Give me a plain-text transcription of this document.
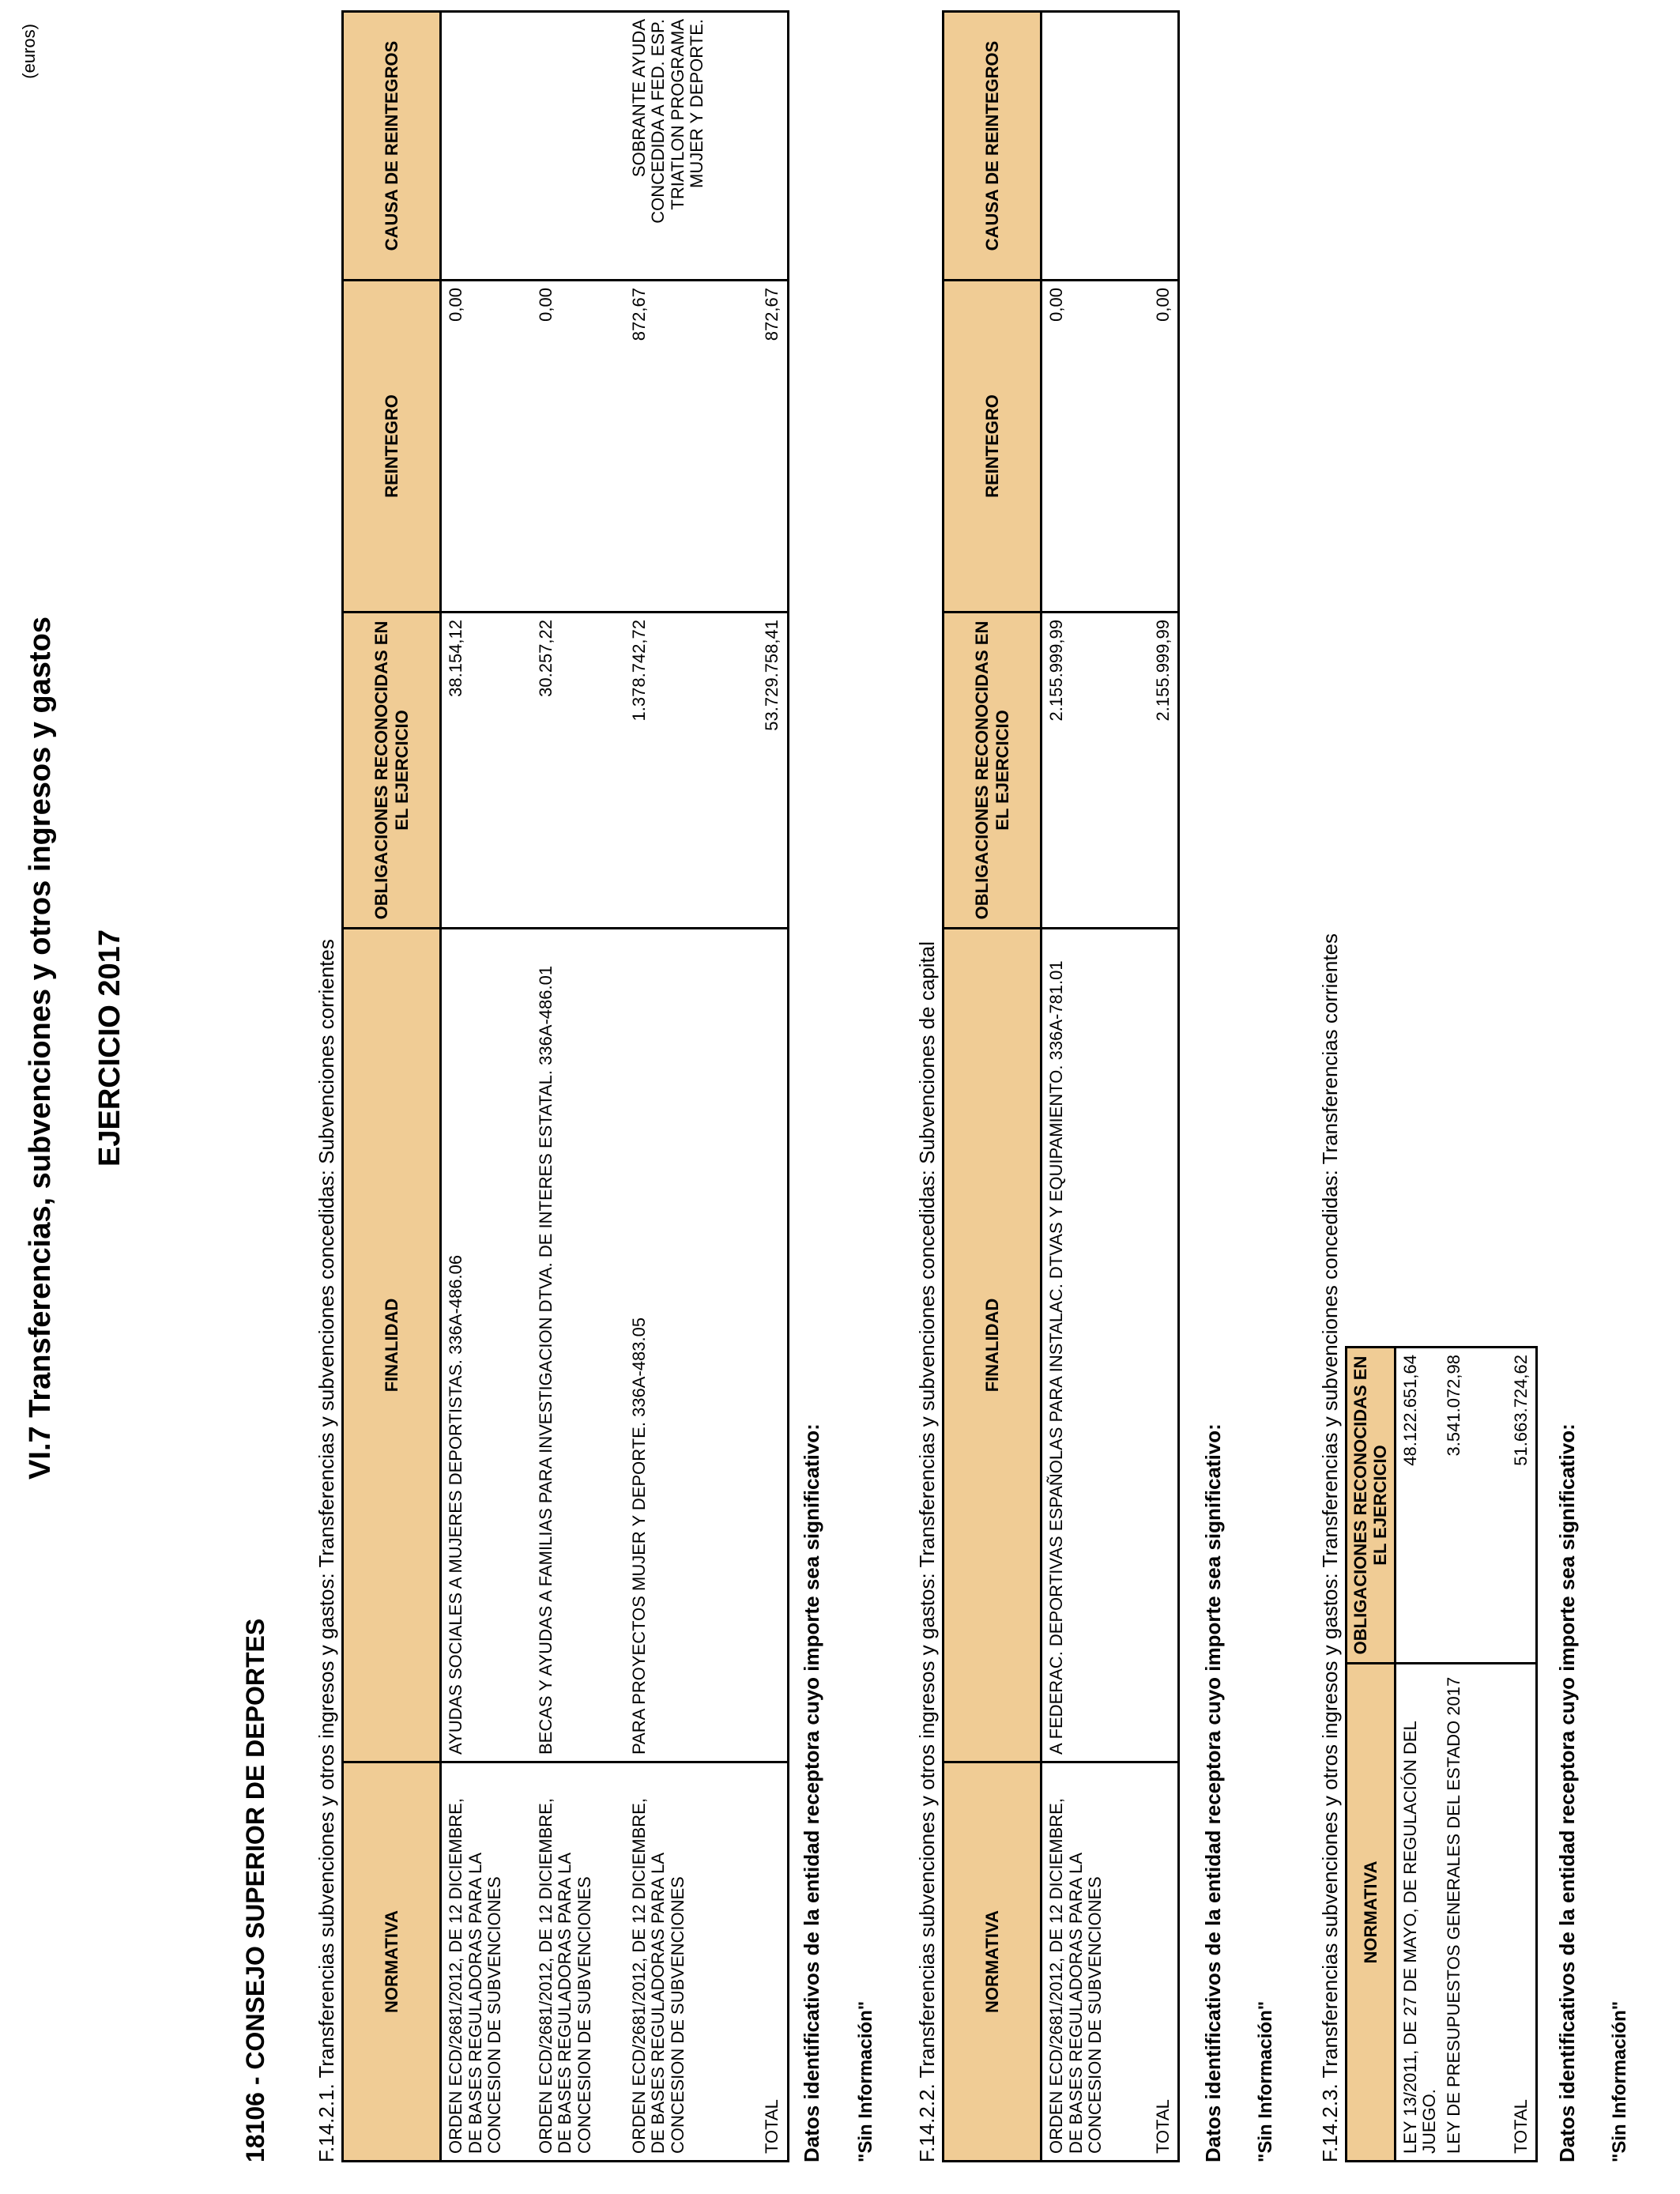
VI.7 Transferencias, subvenciones y otros ingresos y gastos EJERCICIO 2017
(euros)
18106 - CONSEJO SUPERIOR DE DEPORTES F.14.2.1. Transferencias subvenciones y otros ingresos y gastos: Transferencias y subvenciones concedidas: Subvenciones corrientes NORMATIVA	FINALIDAD	OBLIGACIONES RECONOCIDAS EN EL EJERCICIO	REINTEGRO	CAUSA DE REINTEGROS
ORDEN ECD/2681/2012, DE 12 DICIEMBRE, DE BASES REGULADORAS PARA LA CONCESION DE SUBVENCIONES	AYUDAS SOCIALES A MUJERES DEPORTISTAS. 336A-486.06	38.154,12	0,00	
ORDEN ECD/2681/2012, DE 12 DICIEMBRE, DE BASES REGULADORAS PARA LA CONCESION DE SUBVENCIONES	BECAS Y AYUDAS A FAMILIAS PARA INVESTIGACION DTVA. DE INTERES ESTATAL. 336A-486.01	30.257,22	0,00	
ORDEN ECD/2681/2012, DE 12 DICIEMBRE, DE BASES REGULADORAS PARA LA CONCESION DE SUBVENCIONES	PARA PROYECTOS MUJER Y DEPORTE. 336A-483.05	1.378.742,72	872,67	SOBRANTE AYUDA CONCEDIDA A FED. ESP. TRIATLON PROGRAMA MUJER Y DEPORTE.
TOTAL		53.729.758,41	872,67	
Datos identificativos de la entidad receptora cuyo importe sea significativo: "Sin Información" F.14.2.2. Transferencias subvenciones y otros ingresos y gastos: Transferencias y subvenciones concedidas: Subvenciones de capital NORMATIVA	FINALIDAD	OBLIGACIONES RECONOCIDAS EN EL EJERCICIO	REINTEGRO	CAUSA DE REINTEGROS
ORDEN ECD/2681/2012, DE 12 DICIEMBRE, DE BASES REGULADORAS PARA LA CONCESION DE SUBVENCIONES	A FEDERAC. DEPORTIVAS ESPAÑOLAS PARA INSTALAC. DTVAS Y EQUIPAMIENTO. 336A-781.01	2.155.999,99	0,00	
TOTAL		2.155.999,99	0,00	
Datos identificativos de la entidad receptora cuyo importe sea significativo: "Sin Información" F.14.2.3. Transferencias subvenciones y otros ingresos y gastos: Transferencias y subvenciones concedidas: Transferencias corrientes NORMATIVA	OBLIGACIONES RECONOCIDAS EN EL EJERCICIO
LEY 13/2011, DE 27 DE MAYO, DE REGULACIÓN DEL JUEGO.	48.122.651,64
LEY DE PRESUPUESTOS GENERALES DEL ESTADO 2017	3.541.072,98
TOTAL	51.663.724,62
Datos identificativos de la entidad receptora cuyo importe sea significativo: "Sin Información"
